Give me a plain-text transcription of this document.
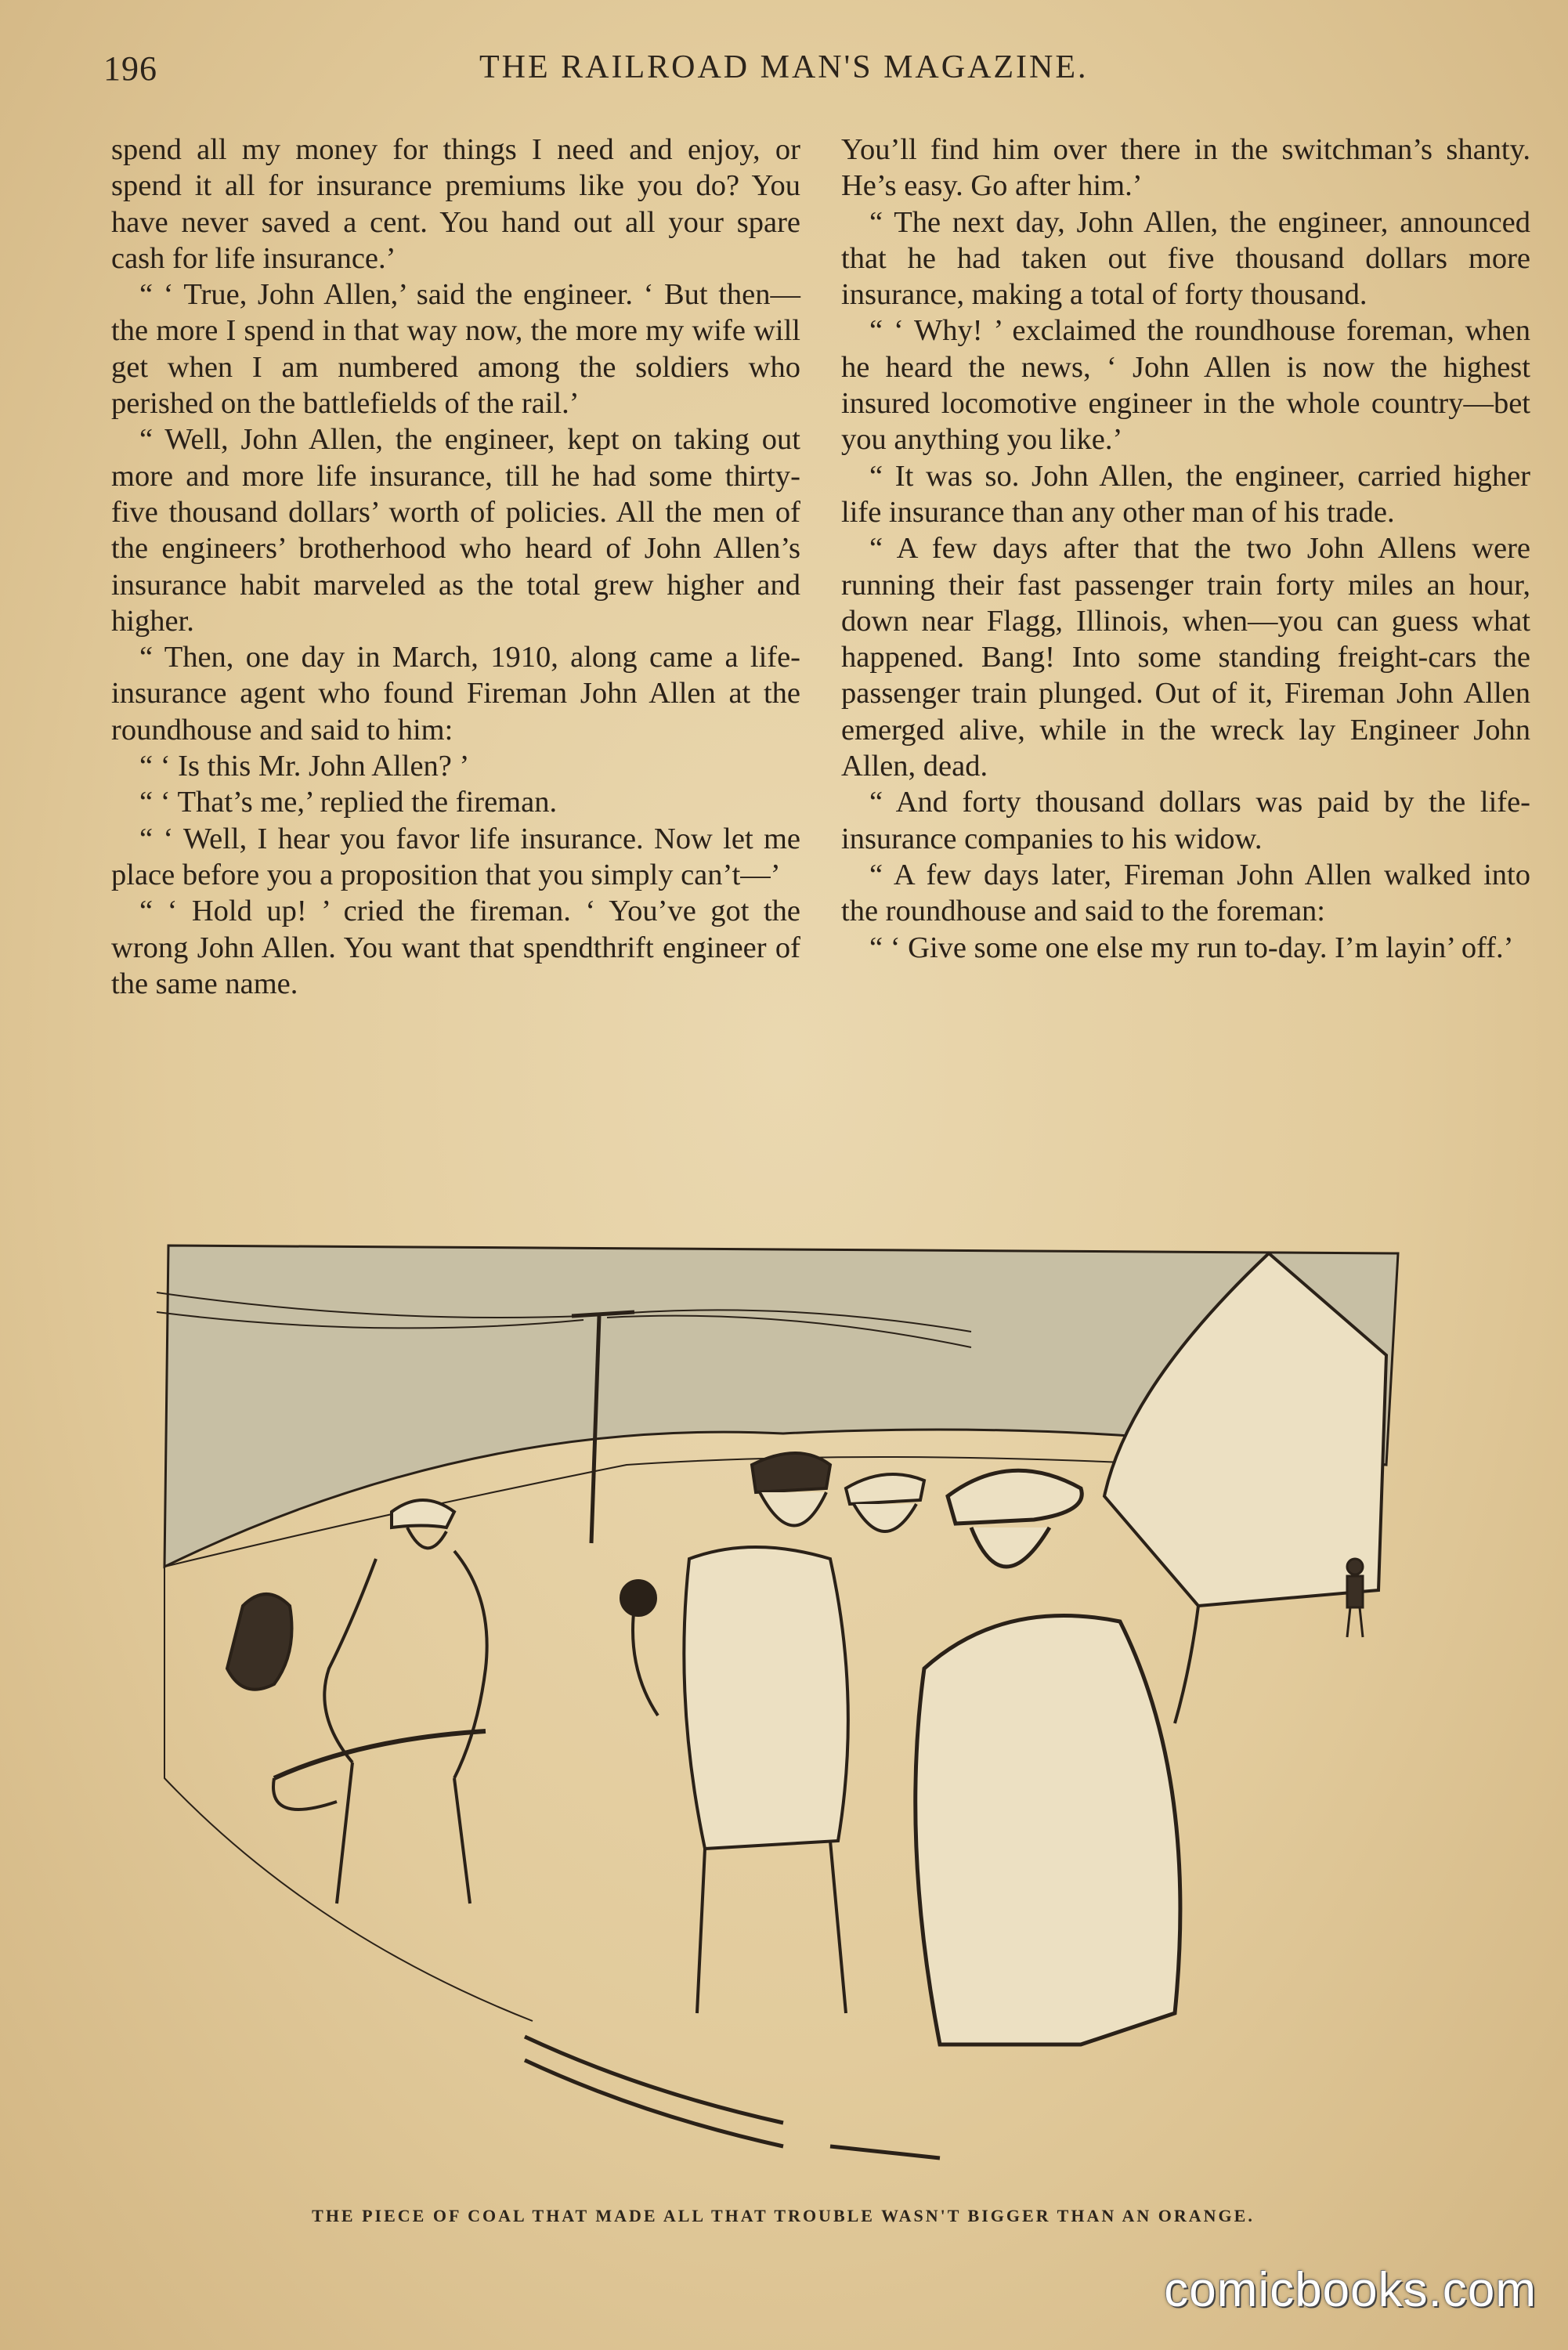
196	THE RAILROAD MAN'S MAGAZINE.

spend all my money for things I need and enjoy, or spend it all for insurance premiums like you do? You have never saved a cent. You hand out all your spare cash for life insurance.’

“ ‘ True, John Allen,’ said the engineer. ‘ But then—the more I spend in that way now, the more my wife will get when I am numbered among the soldiers who perished on the battlefields of the rail.’

“ Well, John Allen, the engineer, kept on taking out more and more life insurance, till he had some thirty-five thousand dollars’ worth of policies. All the men of the engineers’ brotherhood who heard of John Allen’s insurance habit marveled as the total grew higher and higher.

“ Then, one day in March, 1910, along came a life-insurance agent who found Fireman John Allen at the roundhouse and said to him:

“ ‘ Is this Mr. John Allen? ’

“ ‘ That’s me,’ replied the fireman.

“ ‘ Well, I hear you favor life insurance. Now let me place before you a proposition that you simply can’t—’

“ ‘ Hold up! ’ cried the fireman. ‘ You’ve got the wrong John Allen. You want that spendthrift engineer of the same name.

You’ll find him over there in the switchman’s shanty. He’s easy. Go after him.’

“ The next day, John Allen, the engineer, announced that he had taken out five thousand dollars more insurance, making a total of forty thousand.

“ ‘ Why! ’ exclaimed the roundhouse foreman, when he heard the news, ‘ John Allen is now the highest insured locomotive engineer in the whole country—bet you anything you like.’

“ It was so. John Allen, the engineer, carried higher life insurance than any other man of his trade.

“ A few days after that the two John Allens were running their fast passenger train forty miles an hour, down near Flagg, Illinois, when—you can guess what happened. Bang! Into some standing freight-cars the passenger train plunged. Out of it, Fireman John Allen emerged alive, while in the wreck lay Engineer John Allen, dead.

“ And forty thousand dollars was paid by the life-insurance companies to his widow.

“ A few days later, Fireman John Allen walked into the roundhouse and said to the foreman:

“ ‘ Give some one else my run to-day. I’m layin’ off.’

THE PIECE OF COAL THAT MADE ALL THAT TROUBLE WASN'T BIGGER THAN AN ORANGE.
comicbooks.com
